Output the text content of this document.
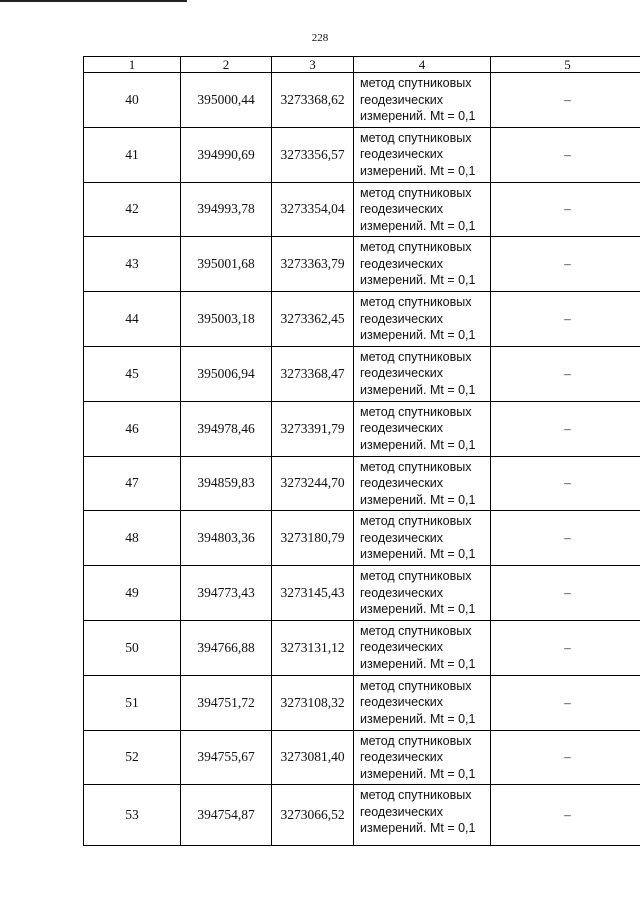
228
1	2	3	4	5
40	395000,44	3273368,62	метод спутниковых
геодезических
измерений. Mt = 0,1	–
41	394990,69	3273356,57	метод спутниковых
геодезических
измерений. Mt = 0,1	–
42	394993,78	3273354,04	метод спутниковых
геодезических
измерений. Mt = 0,1	–
43	395001,68	3273363,79	метод спутниковых
геодезических
измерений. Mt = 0,1	–
44	395003,18	3273362,45	метод спутниковых
геодезических
измерений. Mt = 0,1	–
45	395006,94	3273368,47	метод спутниковых
геодезических
измерений. Mt = 0,1	–
46	394978,46	3273391,79	метод спутниковых
геодезических
измерений. Mt = 0,1	–
47	394859,83	3273244,70	метод спутниковых
геодезических
измерений. Mt = 0,1	–
48	394803,36	3273180,79	метод спутниковых
геодезических
измерений. Mt = 0,1	–
49	394773,43	3273145,43	метод спутниковых
геодезических
измерений. Mt = 0,1	–
50	394766,88	3273131,12	метод спутниковых
геодезических
измерений. Mt = 0,1	–
51	394751,72	3273108,32	метод спутниковых
геодезических
измерений. Mt = 0,1	–
52	394755,67	3273081,40	метод спутниковых
геодезических
измерений. Mt = 0,1	–
53	394754,87	3273066,52	метод спутниковых
геодезических
измерений. Mt = 0,1	–
